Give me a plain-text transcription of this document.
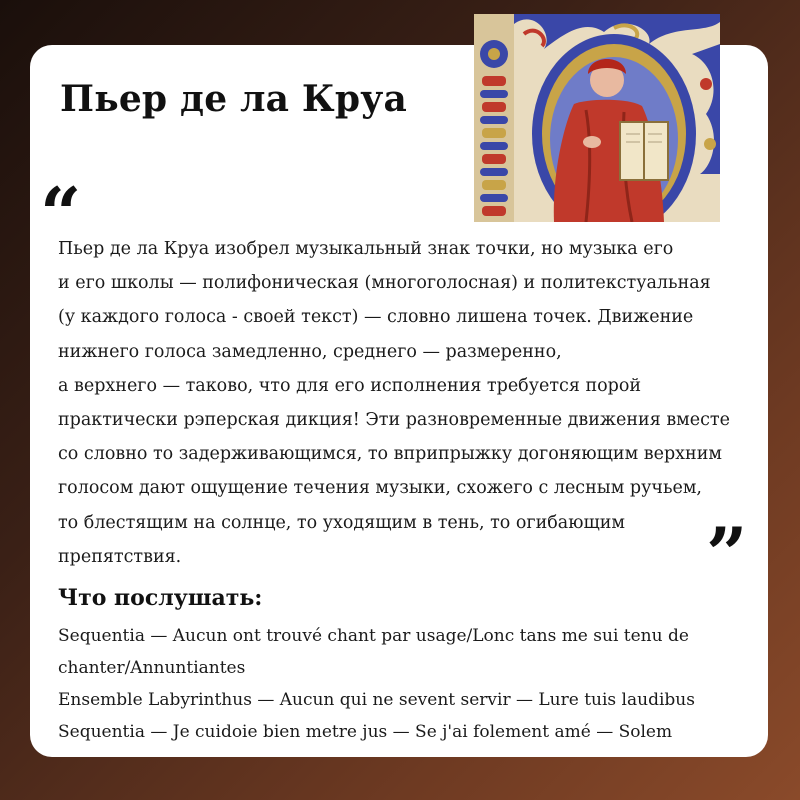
Пьер де ла Круа
“

Пьер де ла Круа изобрел музыкальный знак точки, но музыка его
и его школы — полифоническая (многоголосная) и политекстуальная
(у каждого голоса - своей текст) — словно лишена точек. Движение
нижнего голоса замедленно, среднего — размеренно,
а верхнего — таково, что для его исполнения требуется порой
практически рэперская дикция! Эти разновременные движения вместе
со словно то задерживающимся, то вприпрыжку догоняющим верхним
голосом дают ощущение течения музыки, схожего с лесным ручьем,
то блестящим на солнце, то уходящим в тень, то огибающим
препятствия.	”
Что послушать:
Sequentia — Aucun ont trouvé chant par usage/Lonc tans me sui tenu de chanter/Annuntiantes
Ensemble Labyrinthus — Aucun qui ne sevent servir — Lure tuis laudibus
Sequentia — Je cuidoie bien metre jus — Se j'ai folement amé — Solem
